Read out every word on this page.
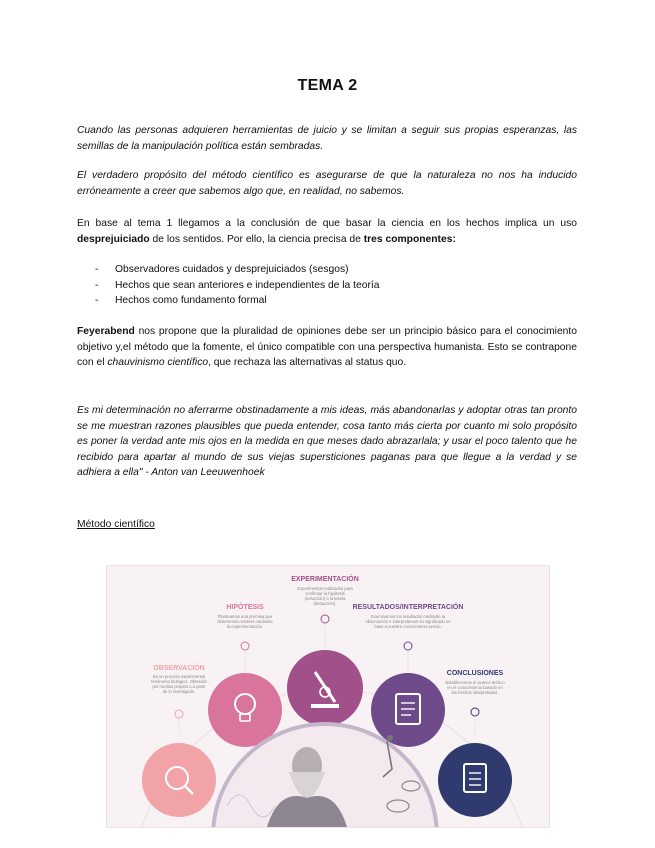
TEMA 2
Cuando las personas adquieren herramientas de juicio y se limitan a seguir sus propias esperanzas, las semillas de la manipulación política están sembradas.
El verdadero propósito del método científico es asegurarse de que la naturaleza no nos ha inducido erróneamente a creer que sabemos algo que, en realidad, no sabemos.
En base al tema 1 llegamos a la conclusión de que basar la ciencia en los hechos implica un uso desprejuiciado de los sentidos. Por ello, la ciencia precisa de tres componentes:
- Observadores cuidados y desprejuiciados (sesgos)
- Hechos que sean anteriores e independientes de la teoría
- Hechos como fundamento formal
Feyerabend nos propone que la pluralidad de opiniones debe ser un principio básico para el conocimiento objetivo y,el método que la fomente, el único compatible con una perspectiva humanista. Esto se contrapone con el chauvinismo científico, que rechaza las alternativas al status quo.
Es mi determinación no aferrarme obstinadamente a mis ideas, más abandonarlas y adoptar otras tan pronto se me muestran razones plausibles que pueda entender, cosa tanto más cierta por cuanto mi solo propósito es poner la verdad ante mis ojos en la medida en que meses dado abrazarlala; y usar el poco talento que he recibido para apartar al mundo de sus viejas supersticiones paganas para que llegue a la verdad y se adhiera a ella" - Anton van Leeuwenhoek
Método científico
OBSERVACIÓN
Es un proceso experimental fenómeno biológico. Obtenido por medios propios o a partir de lo investigado.
HIPÓTESIS
Planteamos una premisa que deberemos resolver mediante la experimentación.
EXPERIMENTACIÓN
Experimentos realizados para confirmar la hipótesis (inducción) o la tesela (deducción).
RESULTADOS/INTERPRETACIÓN
Examinamos los resultados mediante la observación e interpretamos su significado en base a nuestro conocimiento previo.
CONCLUSIONES
Establecemos el avance teórico en el conocimiento basado en los hechos interpretados.
